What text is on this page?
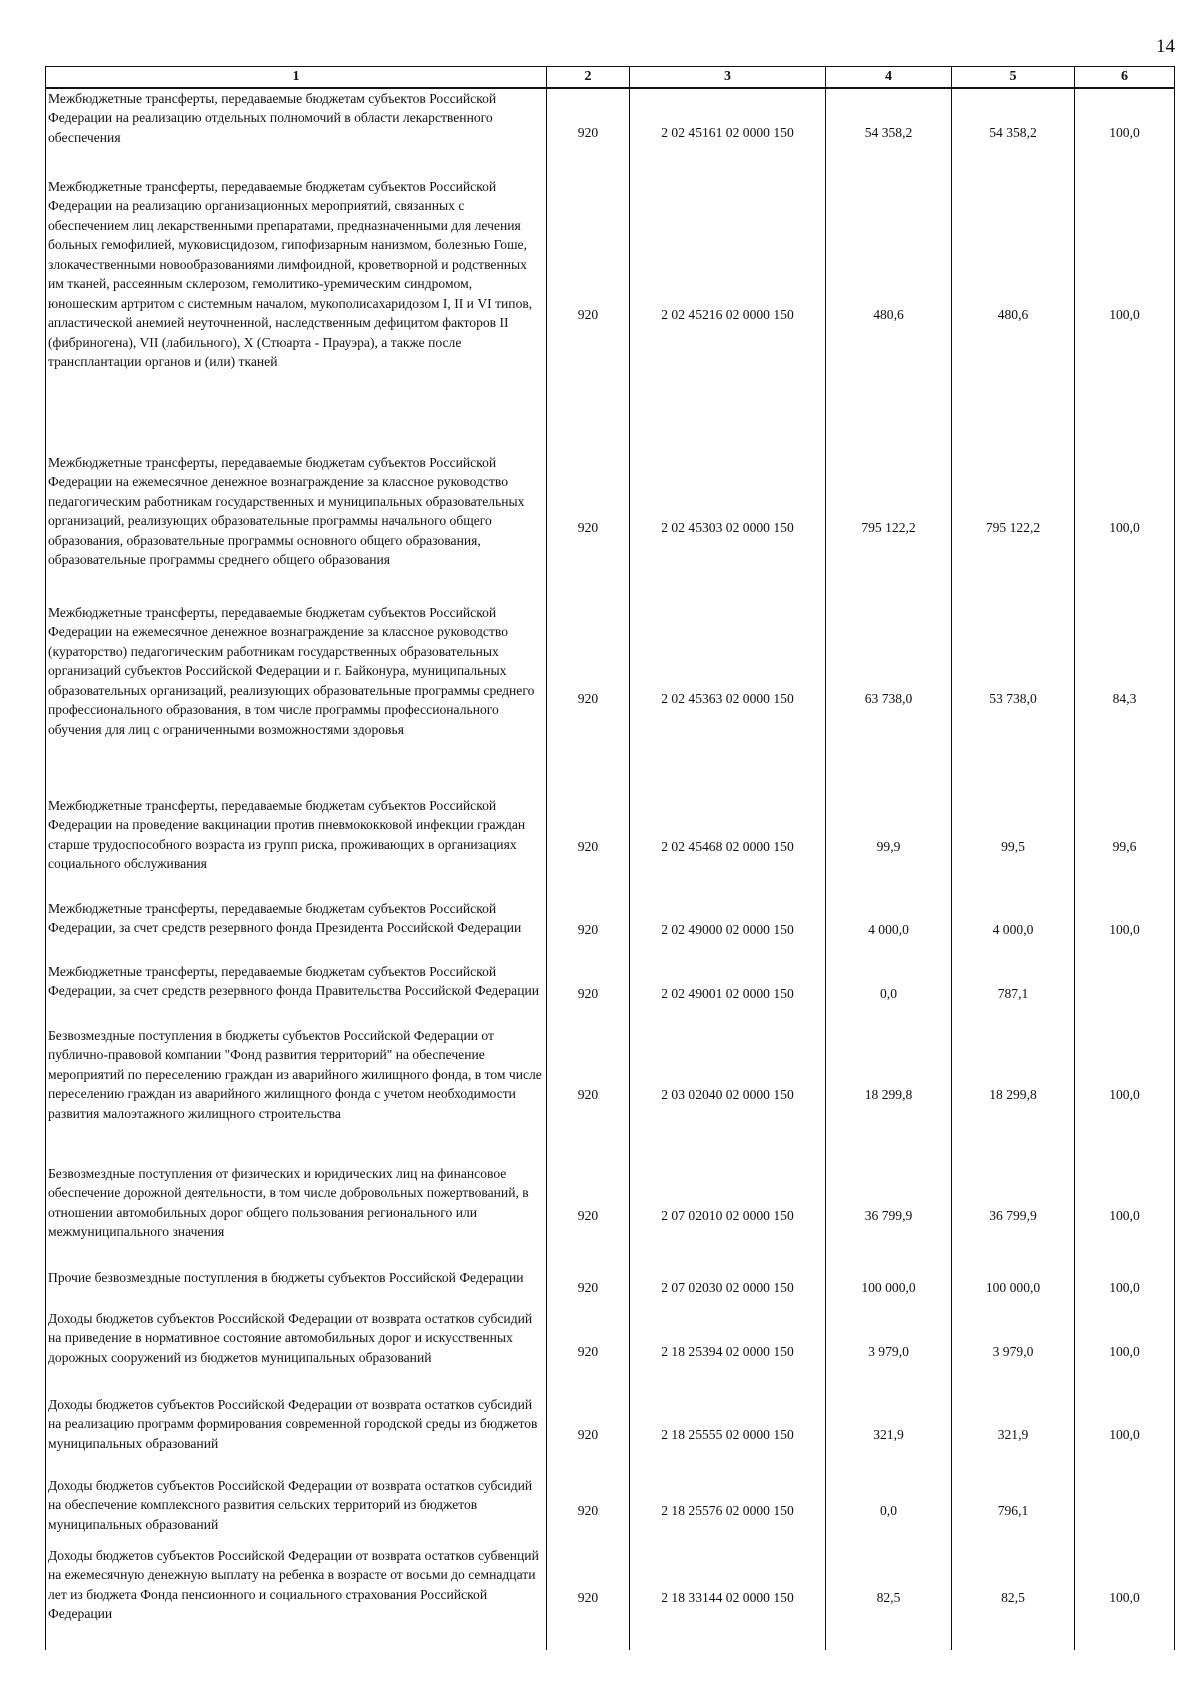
14
1	2	3	4	5	6
Межбюджетные трансферты, передаваемые бюджетам субъектов Российской Федерации на реализацию отдельных полномочий в области лекарственного обеспечения	920	2 02 45161 02 0000 150	54 358,2	54 358,2	100,0
Межбюджетные трансферты, передаваемые бюджетам субъектов Российской Федерации на реализацию организационных мероприятий, связанных с обеспечением лиц лекарственными препаратами, предназначенными для лечения больных гемофилией, муковисцидозом, гипофизарным нанизмом, болезнью Гоше, злокачественными новообразованиями лимфоидной, кроветворной и родственных им тканей, рассеянным склерозом, гемолитико-уремическим синдромом, юношеским артритом с системным началом, мукополисахаридозом I, II и VI типов, апластической анемией неуточненной, наследственным дефицитом факторов II (фибриногена), VII (лабильного), X (Стюарта - Прауэра), а также после трансплантации органов и (или) тканей	920	2 02 45216 02 0000 150	480,6	480,6	100,0
Межбюджетные трансферты, передаваемые бюджетам субъектов Российской Федерации на ежемесячное денежное вознаграждение за классное руководство педагогическим работникам государственных и муниципальных образовательных организаций, реализующих образовательные программы начального общего образования, образовательные программы основного общего образования, образовательные программы среднего общего образования	920	2 02 45303 02 0000 150	795 122,2	795 122,2	100,0
Межбюджетные трансферты, передаваемые бюджетам субъектов Российской Федерации на ежемесячное денежное вознаграждение за классное руководство (кураторство) педагогическим работникам государственных образовательных организаций субъектов Российской Федерации и г. Байконура, муниципальных образовательных организаций, реализующих образовательные программы среднего профессионального образования, в том числе программы профессионального обучения для лиц с ограниченными возможностями здоровья	920	2 02 45363 02 0000 150	63 738,0	53 738,0	84,3
Межбюджетные трансферты, передаваемые бюджетам субъектов Российской Федерации на проведение вакцинации против пневмококковой инфекции граждан старше трудоспособного возраста из групп риска, проживающих в организациях социального обслуживания	920	2 02 45468 02 0000 150	99,9	99,5	99,6
Межбюджетные трансферты, передаваемые бюджетам субъектов Российской Федерации, за счет средств резервного фонда Президента Российской Федерации	920	2 02 49000 02 0000 150	4 000,0	4 000,0	100,0
Межбюджетные трансферты, передаваемые бюджетам субъектов Российской Федерации, за счет средств резервного фонда Правительства Российской Федерации	920	2 02 49001 02 0000 150	0,0	787,1	
Безвозмездные поступления в бюджеты субъектов Российской Федерации от публично-правовой компании "Фонд развития территорий" на обеспечение мероприятий по переселению граждан из аварийного жилищного фонда, в том числе переселению граждан из аварийного жилищного фонда с учетом необходимости развития малоэтажного жилищного строительства	920	2 03 02040 02 0000 150	18 299,8	18 299,8	100,0
Безвозмездные поступления от физических и юридических лиц на финансовое обеспечение дорожной деятельности, в том числе добровольных пожертвований, в отношении автомобильных дорог общего пользования регионального или межмуниципального значения	920	2 07 02010 02 0000 150	36 799,9	36 799,9	100,0
Прочие безвозмездные поступления в бюджеты субъектов Российской Федерации	920	2 07 02030 02 0000 150	100 000,0	100 000,0	100,0
Доходы бюджетов субъектов Российской Федерации от возврата остатков субсидий на приведение в нормативное состояние автомобильных дорог и искусственных дорожных сооружений из бюджетов муниципальных образований	920	2 18 25394 02 0000 150	3 979,0	3 979,0	100,0
Доходы бюджетов субъектов Российской Федерации от возврата остатков субсидий на реализацию программ формирования современной городской среды из бюджетов муниципальных образований	920	2 18 25555 02 0000 150	321,9	321,9	100,0
Доходы бюджетов субъектов Российской Федерации от возврата остатков субсидий на обеспечение комплексного развития сельских территорий из бюджетов муниципальных образований	920	2 18 25576 02 0000 150	0,0	796,1	
Доходы бюджетов субъектов Российской Федерации от возврата остатков субвенций на ежемесячную денежную выплату на ребенка в возрасте от восьми до семнадцати лет из бюджета Фонда пенсионного и социального страхования Российской Федерации	920	2 18 33144 02 0000 150	82,5	82,5	100,0
